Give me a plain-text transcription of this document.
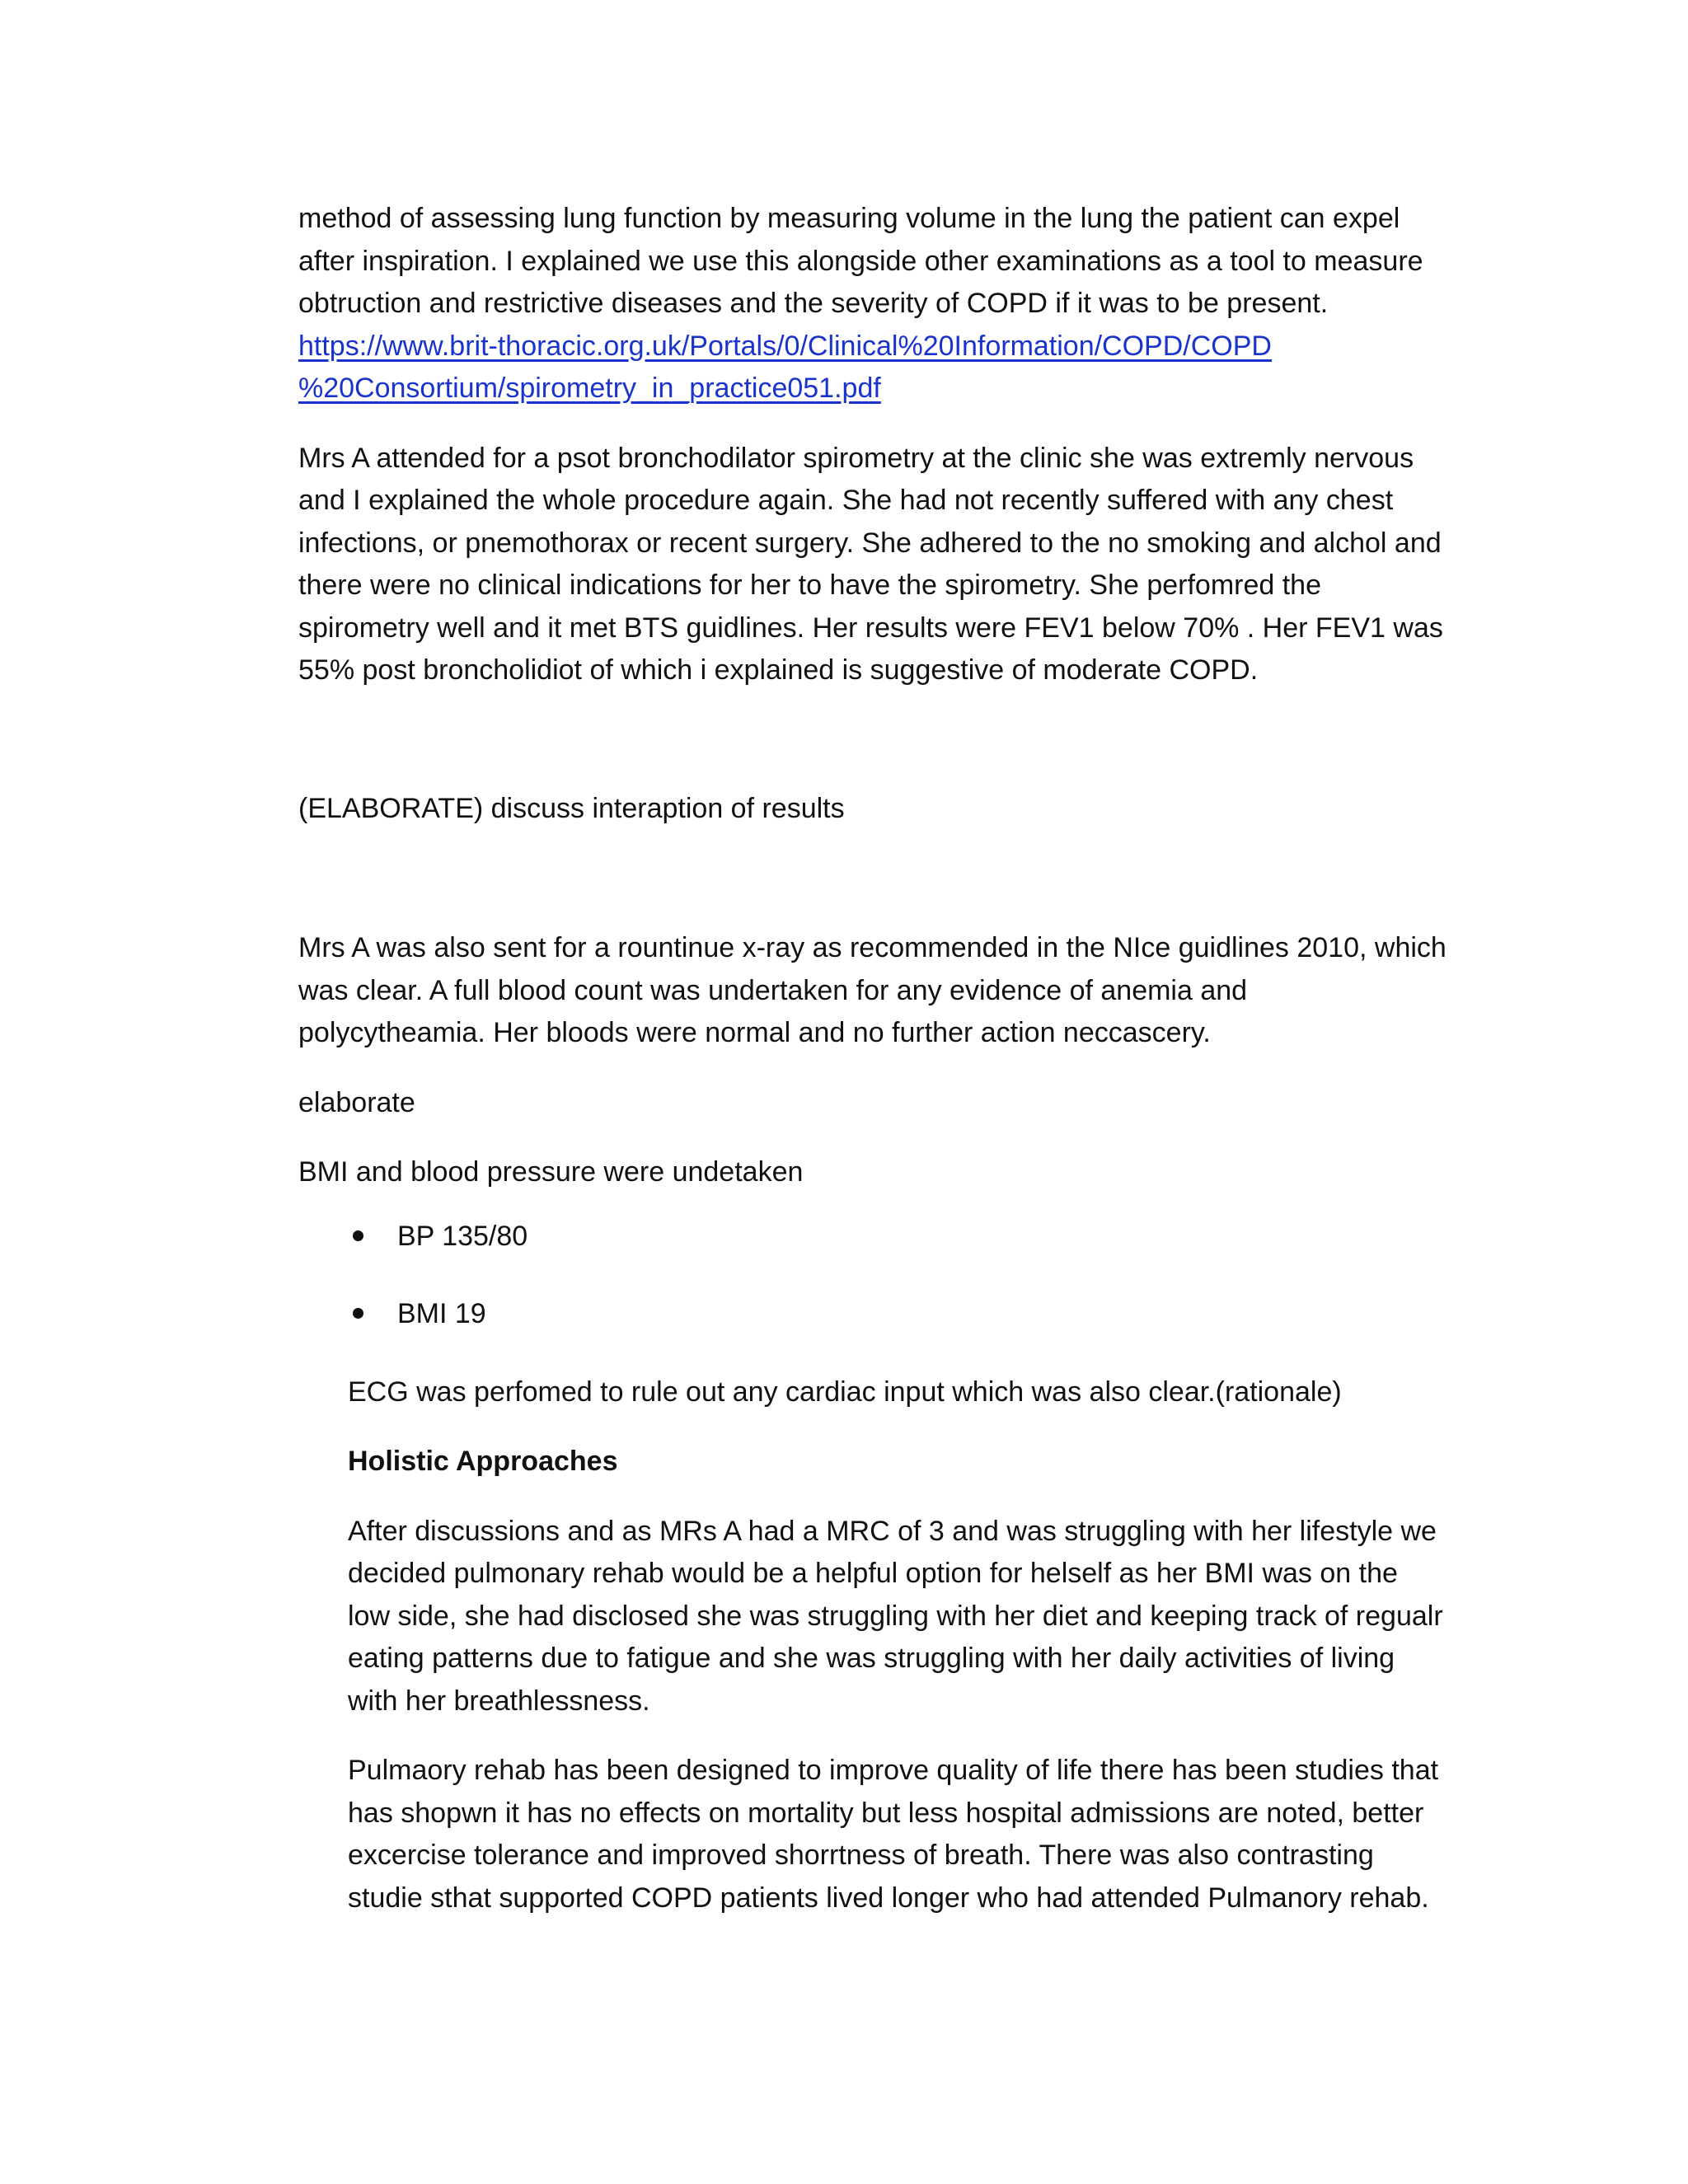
method of assessing lung function by measuring volume in the lung the patient can expel
after inspiration. I explained we use this alongside other examinations as a tool to measure
obtruction and restrictive diseases and the severity of COPD if it was to be present.
https://www.brit-thoracic.org.uk/Portals/0/Clinical%20Information/COPD/COPD
%20Consortium/spirometry_in_practice051.pdf

Mrs A attended for a psot bronchodilator spirometry at the clinic she was extremly nervous
and I explained the whole procedure again. She had not recently suffered with any chest
infections, or pnemothorax or recent surgery. She adhered to the no smoking and alchol and
there were no clinical indications for her to have the spirometry. She perfomred the
spirometry well and it met BTS guidlines. Her results were FEV1 below 70% . Her FEV1 was
55% post broncholidiot of which i explained is suggestive of moderate COPD.

(ELABORATE) discuss interaption of results

Mrs A was also sent for a rountinue x-ray as recommended in the NIce guidlines 2010, which
was clear. A full blood count was undertaken for any evidence of anemia and
polycytheamia. Her bloods were normal and no further action neccascery.

elaborate

BMI and blood pressure were undetaken

BP 135/80
BMI 19

ECG was perfomed to rule out any cardiac input which was also clear.(rationale)

Holistic Approaches

After discussions and as MRs A had a MRC of 3 and was struggling with her lifestyle we
decided pulmonary rehab would be a helpful option for helself as her BMI was on the
low side, she had disclosed she was struggling with her diet and keeping track of regualr
eating patterns due to fatigue and she was struggling with her daily activities of living
with her breathlessness.

Pulmaory rehab has been designed to improve quality of life there has been studies that
has shopwn it has no effects on mortality but less hospital admissions are noted, better
excercise tolerance and improved shorrtness of breath. There was also contrasting
studie sthat supported COPD patients lived longer who had attended Pulmanory rehab.
